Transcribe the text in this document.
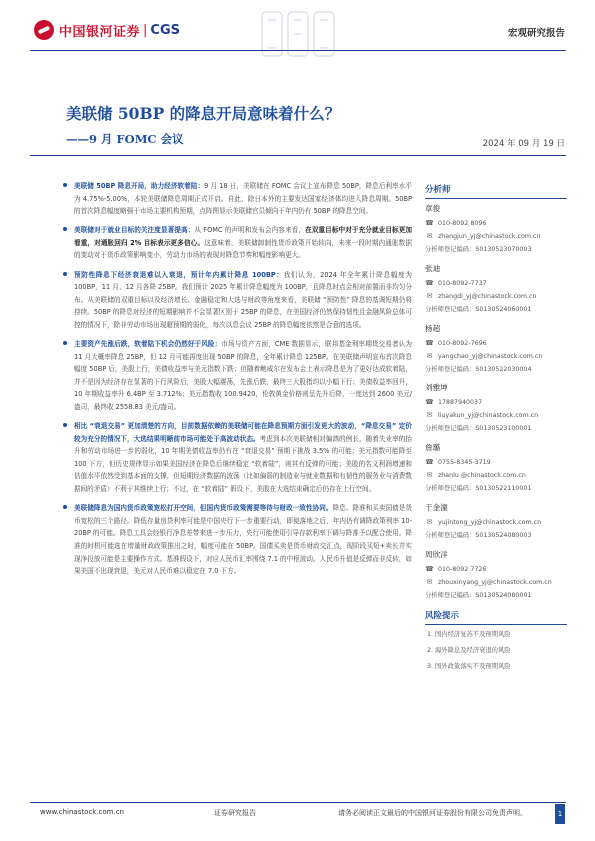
中国银河证券 | CGS	宏观研究报告
美联储 50BP 的降息开局意味着什么？
——9 月 FOMC 会议	2024 年 09 月 19 日

美联储 50BP 降息开局，助力经济软着陆：9 月 18 日，美联储在 FOMC 会议上宣布降息 50BP，降息后利率水平为 4.75%-5.00%，本轮美联储降息周期正式开启。自此，除日本外的主要发达国家经济体均进入降息周期。50BP 的首次降息幅度略强于市场主要机构预期，点阵图显示美联储官员倾向于年内仍有 50BP 的降息空间。

美联储对于就业目标的关注度显著提高：从 FOMC 的声明和发布会内容来看，在双重目标中对于充分就业目标更加看重，对通胀回归 2% 目标表示更多信心。这意味着，美联储卸制性货币政策开始转向，未来一段时期内通胀数据的变动对于货币政策影响变小，劳动力市场的表现对降息节奏和幅度影响更大。

预防性降息下经济衰退难以入衰退，预计年内累计降息 100BP：我们认为，2024 年全年累计降息幅度为 100BP，11 月、12 月各降 25BP。我们预计 2025 年累计降息幅度为 100BP，且降息时点会相对前置而非均匀分布。从美联储的双重目标以及经济增长、金融稳定和大选与财政等角度来看，美联储 “预防性” 降息的基调短期仍将持续。50BP 的降息对经济的短期影响并不会显著区别于 25BP 的降息，在美国经济仍然保持韧性且金融风险总体可控的情况下，除非劳动市场出现超预期的弱化，每次以息会议 25BP 的降息幅度依然是合意的选项。

主要资产先涨后跌，软着陆下机会仍然好于风险：市场与资产方面，CME 数据显示，联邦基金利率期货交易者认为 11 月大概率降息 25BP，但 12 月可能再度出现 50BP 的降息，全年累计降息 125BP。在美联储声明宣布首次降息幅度 50BP 后，美股上行，美债收益率与美元指数下跌；但随着鲍威尔在发布会上表示降息是为了更好达成软着陆，并不是因为经济存在显著的下行风险后，美股大幅震荡，先涨后跌，最终三大股指均以小幅下行；美债收益率回升，10 年期收益率升 6.4BP 至 3.712%；美元指数收 100.9420，伦敦黄金价格则呈先升后降，一度达到 2600 美元/盎司，最终收 2558.83 美元/盎司。

相比 “衰退交易” 更加清楚的方向，目前数据依赖的美联储可能在降息预期方面引发更大的波动，“降息交易” 定价较为充分的情况下，大选结果明晰前市场可能处于高波动状态。考虑到本次美联储相对偏鸽的例长，随着失业率的抬升和劳动市场进一步的弱化，10 年期美债收益率仍有在 “衰退交易” 预期下挑战 3.5% 的可能；美元指数可能降至 100 下方，但历史规律显示如果美国经济在降息后继续稳定 “软着陆”，则其有反弹的可能；美股的名义利润增速和估值水平依然受到基本面的支撑，但短期经济数据的波荡（比如偏弱的制造业与就业数据和有韧性的服务业与消费数据间的矛盾）不利于其维续上行；不过，在 “软着陆” 假设下，美股在大选结束确定后仍存在上行空间。

美联储降息为国内货币政策宽松打开空间，但国内货币政策需要等待与财政一致性协同。降息、降准和买卖国债是货币宽松的三个路径。降低存量房贷利率可能是中国央行下一步重要行动，即便落地之后，年内仍有调降政策利率 10-20BP 的可能。降息工具会经银行净息差带来进一步压力，央行可能使用引导存款利率下调与降准予以配合使用。降准的时机可能选在增量财政政策推出之时，幅度可能在 50BP。国债买卖是货币财政交汇点，现阶段买短+卖长并实现净投放可能是主要操作方式。基准假设下，对应人民币汇率围绕 7.1 的中枢波动。人民币升值是反弹而非反转，如果美国不出现衰退，美元对人民币难以稳定在 7.0 下方。

分析师
章俊
☎ 010-8092 8096
✉ zhangjun_yj@chinastock.com.cn
分析师登记编码：S0130523070003
张迪
☎ 010-8092-7737
✉ zhangdi_yj@chinastock.com.cn
分析师登记编码：S0130524060001
杨超
☎ 010-8092-7696
✉ yangchao_yj@chinastock.com.cn
分析师登记编码：S0130522030004
刘雅坤
☎ 17887940037
✉ liuyakun_yj@chinastock.com.cn
分析师登记编码：S0130523100001
詹璐
☎ 0755-8345-3719
✉ zhanlu @chinastock.com.cn
分析师登记编码：S0130522110001
于金潼
✉ yujintong_yj@chinastock.com.cn
分析师登记编码：S0130524080003
周欣洋
☎ 010-8092 7726
✉ zhouxinyang_yj@chinastock.com.cn
分析师登记编码：S0130524080001
风险提示
1. 国内经济复苏不及预期风险
2. 海外降息及经济衰退的风险
3. 国外政策落实不及预期风险
www.chinastock.com.cn	证券研究报告	请务必阅读正文最后的中国银河证券股份有限公司免责声明。	1
